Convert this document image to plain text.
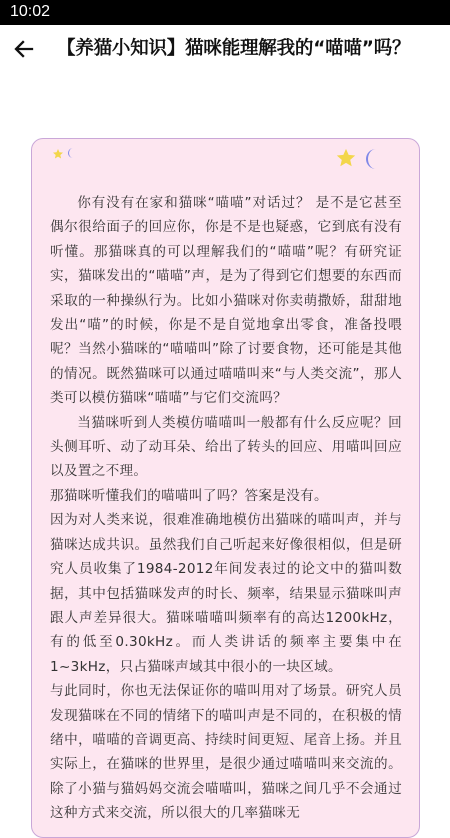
10:02
【养猫小知识】猫咪能理解我的“喵喵”吗？

你有没有在家和猫咪“喵喵”对话过？ 是不是它甚至偶尔很给面子的回应你，你是不是也疑惑，它到底有没有听懂。那猫咪真的可以理解我们的“喵喵”呢？有研究证实，猫咪发出的“喵喵”声，是为了得到它们想要的东西而采取的一种操纵行为。比如小猫咪对你卖萌撒娇，甜甜地发出“喵”的时候，你是不是自觉地拿出零食，准备投喂呢？当然小猫咪的“喵喵叫”除了讨要食物，还可能是其他的情况。既然猫咪可以通过喵喵叫来“与人类交流”，那人类可以模仿猫咪“喵喵”与它们交流吗？

当猫咪听到人类模仿喵喵叫一般都有什么反应呢？回头侧耳听、动了动耳朵、给出了转头的回应、用喵叫回应以及置之不理。

那猫咪听懂我们的喵喵叫了吗？答案是没有。

因为对人类来说，很难准确地模仿出猫咪的喵叫声，并与猫咪达成共识。虽然我们自己听起来好像很相似，但是研究人员收集了1984-2012年间发表过的论文中的猫叫数据，其中包括猫咪发声的时长、频率，结果显示猫咪叫声跟人声差异很大。猫咪喵喵叫频率有的高达1200kHz，有的低至0.30kHz。而人类讲话的频率主要集中在1~3kHz，只占猫咪声域其中很小的一块区域。

与此同时，你也无法保证你的喵叫用对了场景。研究人员发现猫咪在不同的情绪下的喵叫声是不同的，在积极的情绪中，喵喵的音调更高、持续时间更短、尾音上扬。并且实际上，在猫咪的世界里，是很少通过喵喵叫来交流的。除了小猫与猫妈妈交流会喵喵叫，猫咪之间几乎不会通过这种方式来交流，所以很大的几率猫咪无
